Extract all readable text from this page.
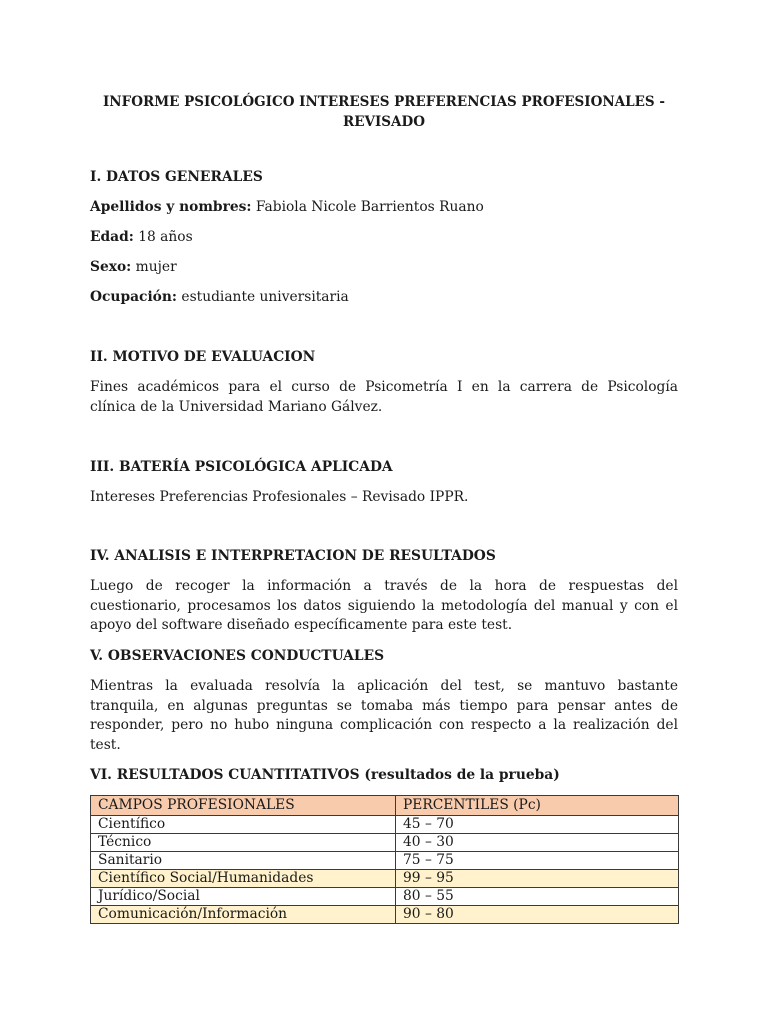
INFORME PSICOLÓGICO INTERESES PREFERENCIAS PROFESIONALES -
REVISADO
I. DATOS GENERALES
Apellidos y nombres: Fabiola Nicole Barrientos Ruano
Edad: 18 años
Sexo: mujer
Ocupación: estudiante universitaria
II. MOTIVO DE EVALUACION
Fines académicos para el curso de Psicometría I en la carrera de Psicología
clínica de la Universidad Mariano Gálvez.
III. BATERÍA PSICOLÓGICA APLICADA
Intereses Preferencias Profesionales – Revisado IPPR.
IV. ANALISIS E INTERPRETACION DE RESULTADOS
Luego de recoger la información a través de la hora de respuestas del
cuestionario, procesamos los datos siguiendo la metodología del manual y con el
apoyo del software diseñado específicamente para este test.
V. OBSERVACIONES CONDUCTUALES
Mientras la evaluada resolvía la aplicación del test, se mantuvo bastante
tranquila, en algunas preguntas se tomaba más tiempo para pensar antes de
responder, pero no hubo ninguna complicación con respecto a la realización del
test.
VI. RESULTADOS CUANTITATIVOS (resultados de la prueba)
CAMPOS PROFESIONALES	PERCENTILES (Pc)
Científico	45 – 70
Técnico	40 – 30
Sanitario	75 – 75
Científico Social/Humanidades	99 – 95
Jurídico/Social	80 – 55
Comunicación/Información	90 – 80
